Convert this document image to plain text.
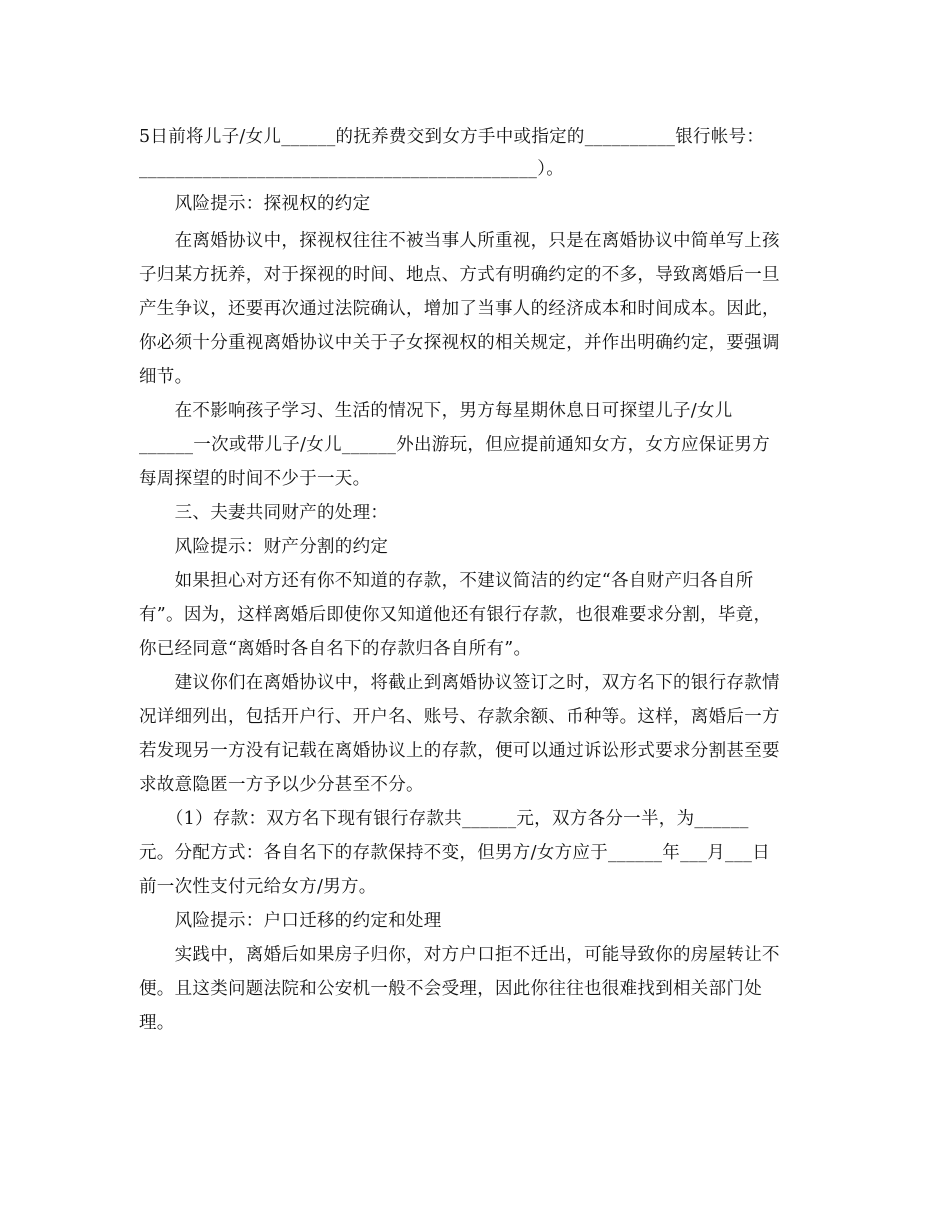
5日前将儿子/女儿______的抚养费交到女方手中或指定的__________银行帐号：
____________________________________________）。
　　风险提示：探视权的约定
　　在离婚协议中，探视权往往不被当事人所重视，只是在离婚协议中简单写上孩
子归某方抚养，对于探视的时间、地点、方式有明确约定的不多，导致离婚后一旦
产生争议，还要再次通过法院确认，增加了当事人的经济成本和时间成本。因此，
你必须十分重视离婚协议中关于子女探视权的相关规定，并作出明确约定，要强调
细节。
　　在不影响孩子学习、生活的情况下，男方每星期休息日可探望儿子/女儿
______一次或带儿子/女儿______外出游玩，但应提前通知女方，女方应保证男方
每周探望的时间不少于一天。
　　三、夫妻共同财产的处理：
　　风险提示：财产分割的约定
　　如果担心对方还有你不知道的存款，不建议简洁的约定“各自财产归各自所
有”。因为，这样离婚后即使你又知道他还有银行存款，也很难要求分割，毕竟，
你已经同意“离婚时各自名下的存款归各自所有”。
　　建议你们在离婚协议中，将截止到离婚协议签订之时，双方名下的银行存款情
况详细列出，包括开户行、开户名、账号、存款余额、币种等。这样，离婚后一方
若发现另一方没有记载在离婚协议上的存款，便可以通过诉讼形式要求分割甚至要
求故意隐匿一方予以少分甚至不分。
　　（1）存款：双方名下现有银行存款共______元，双方各分一半，为______
元。分配方式：各自名下的存款保持不变，但男方/女方应于______年___月___日
前一次性支付元给女方/男方。
　　风险提示：户口迁移的约定和处理
　　实践中，离婚后如果房子归你，对方户口拒不迁出，可能导致你的房屋转让不
便。且这类问题法院和公安机一般不会受理，因此你往往也很难找到相关部门处
理。
